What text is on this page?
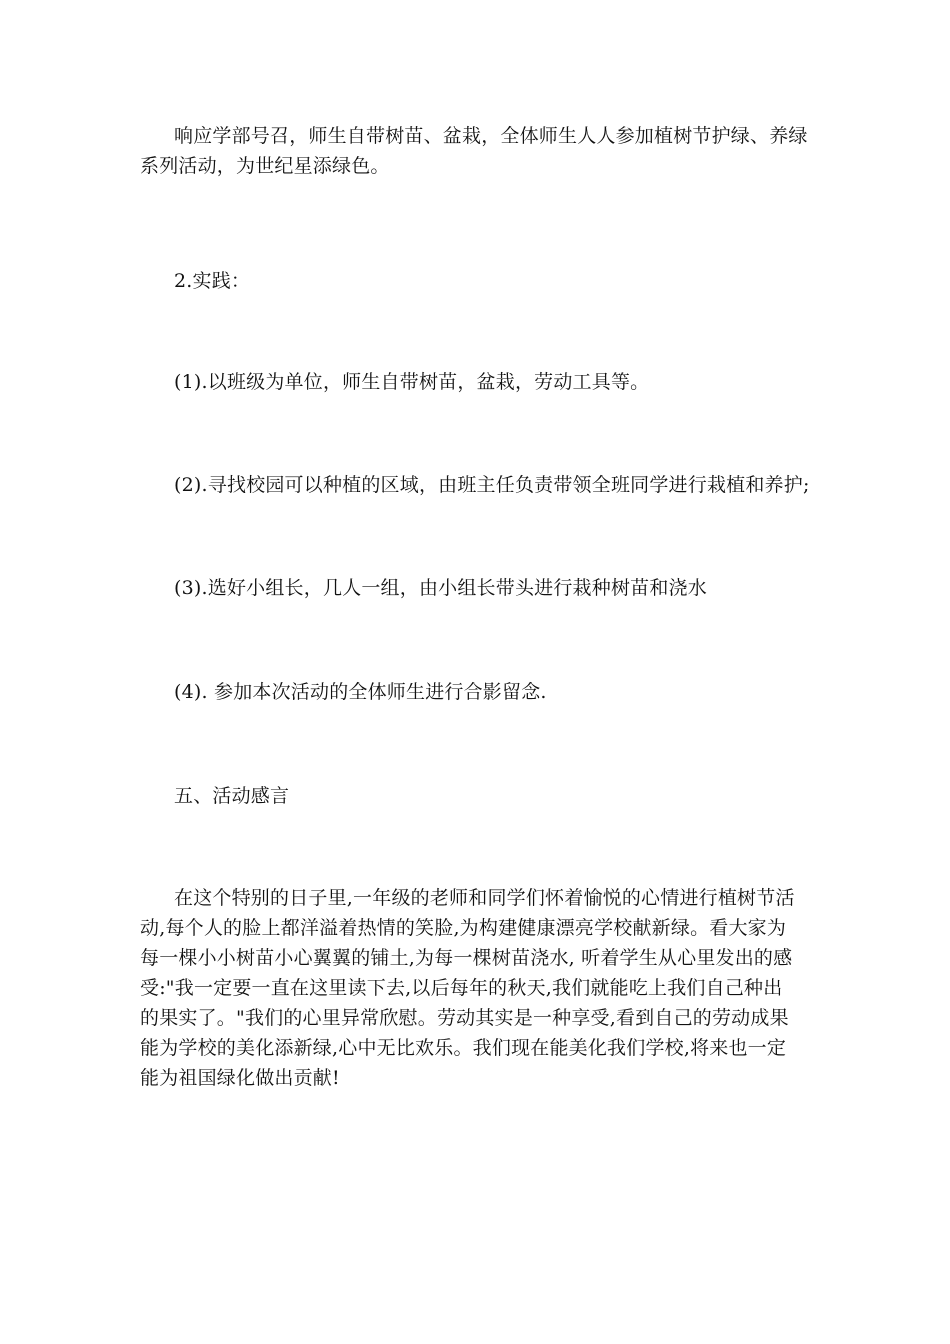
响应学部号召，师生自带树苗、盆栽，全体师生人人参加植树节护绿、养绿
系列活动，为世纪星添绿色。

2.实践：

(1).以班级为单位，师生自带树苗，盆栽，劳动工具等。

(2).寻找校园可以种植的区域，由班主任负责带领全班同学进行栽植和养护;

(3).选好小组长，几人一组，由小组长带头进行栽种树苗和浇水

(4). 参加本次活动的全体师生进行合影留念.

五、活动感言

在这个特别的日子里,一年级的老师和同学们怀着愉悦的心情进行植树节活
动,每个人的脸上都洋溢着热情的笑脸,为构建健康漂亮学校献新绿。看大家为
每一棵小小树苗小心翼翼的铺土,为每一棵树苗浇水, 听着学生从心里发出的感
受:"我一定要一直在这里读下去,以后每年的秋天,我们就能吃上我们自己种出
的果实了。"我们的心里异常欣慰。劳动其实是一种享受,看到自己的劳动成果
能为学校的美化添新绿,心中无比欢乐。我们现在能美化我们学校,将来也一定
能为祖国绿化做出贡献!
